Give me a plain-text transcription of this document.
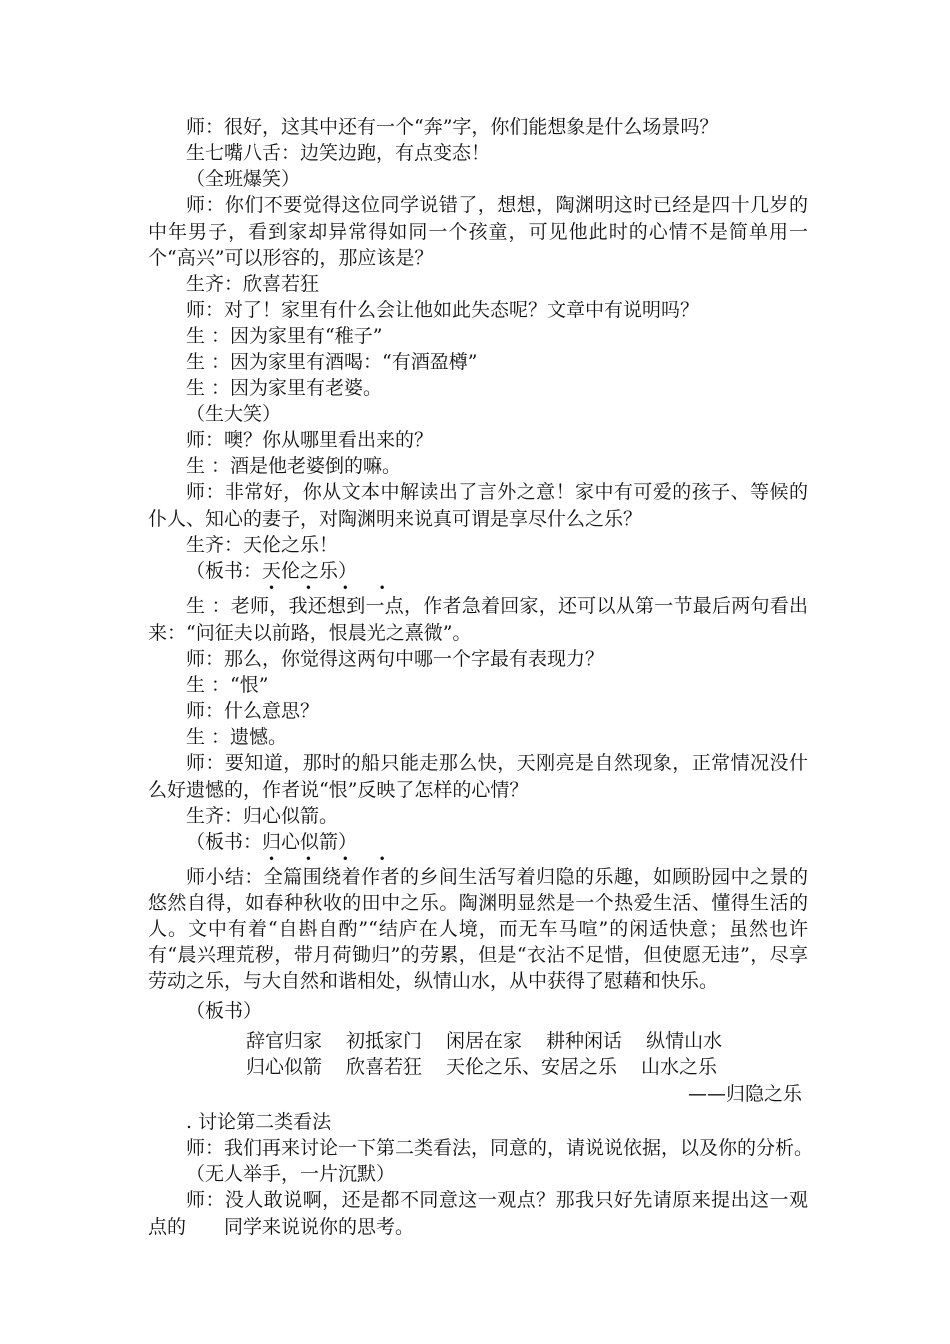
师：很好，这其中还有一个“奔”字，你们能想象是什么场景吗？
生七嘴八舌：边笑边跑，有点变态！
（全班爆笑）
师：你们不要觉得这位同学说错了，想想，陶渊明这时已经是四十几岁的中年男子，看到家却异常得如同一个孩童，可见他此时的心情不是简单用一个“高兴”可以形容的，那应该是？
生齐：欣喜若狂
师：对了！家里有什么会让他如此失态呢？文章中有说明吗？
生 ：因为家里有“稚子”
生 ：因为家里有酒喝：“有酒盈樽”
生 ：因为家里有老婆。
（生大笑）
师：噢？你从哪里看出来的？
生 ：酒是他老婆倒的嘛。
师：非常好，你从文本中解读出了言外之意！家中有可爱的孩子、等候的仆人、知心的妻子，对陶渊明来说真可谓是享尽什么之乐？
生齐：天伦之乐！
（板书：天伦之乐）
• • • •
生 ：老师，我还想到一点，作者急着回家，还可以从第一节最后两句看出来：“问征夫以前路，恨晨光之熹微”。
师：那么，你觉得这两句中哪一个字最有表现力？
生 ：“恨”
师：什么意思？
生 ：遗憾。
师：要知道，那时的船只能走那么快，天刚亮是自然现象，正常情况没什么好遗憾的，作者说“恨”反映了怎样的心情？
生齐：归心似箭。
（板书：归心似箭）
• • • •
师小结：全篇围绕着作者的乡间生活写着归隐的乐趣，如顾盼园中之景的悠然自得，如春种秋收的田中之乐。陶渊明显然是一个热爱生活、懂得生活的人。文中有着“自斟自酌”“结庐在人境，而无车马喧”的闲适快意；虽然也许有“晨兴理荒秽，带月荷锄归”的劳累，但是“衣沾不足惜，但使愿无违”，尽享劳动之乐，与大自然和谐相处，纵情山水，从中获得了慰藉和快乐。
（板书）
辞官归家 初抵家门 闲居在家 耕种闲话 纵情山水
归心似箭 欣喜若狂 天伦之乐、安居之乐 山水之乐
——归隐之乐
. 讨论第二类看法
师：我们再来讨论一下第二类看法，同意的，请说说依据，以及你的分析。
（无人举手，一片沉默）
师：没人敢说啊，还是都不同意这一观点？那我只好先请原来提出这一观点的　　同学来说说你的思考。
